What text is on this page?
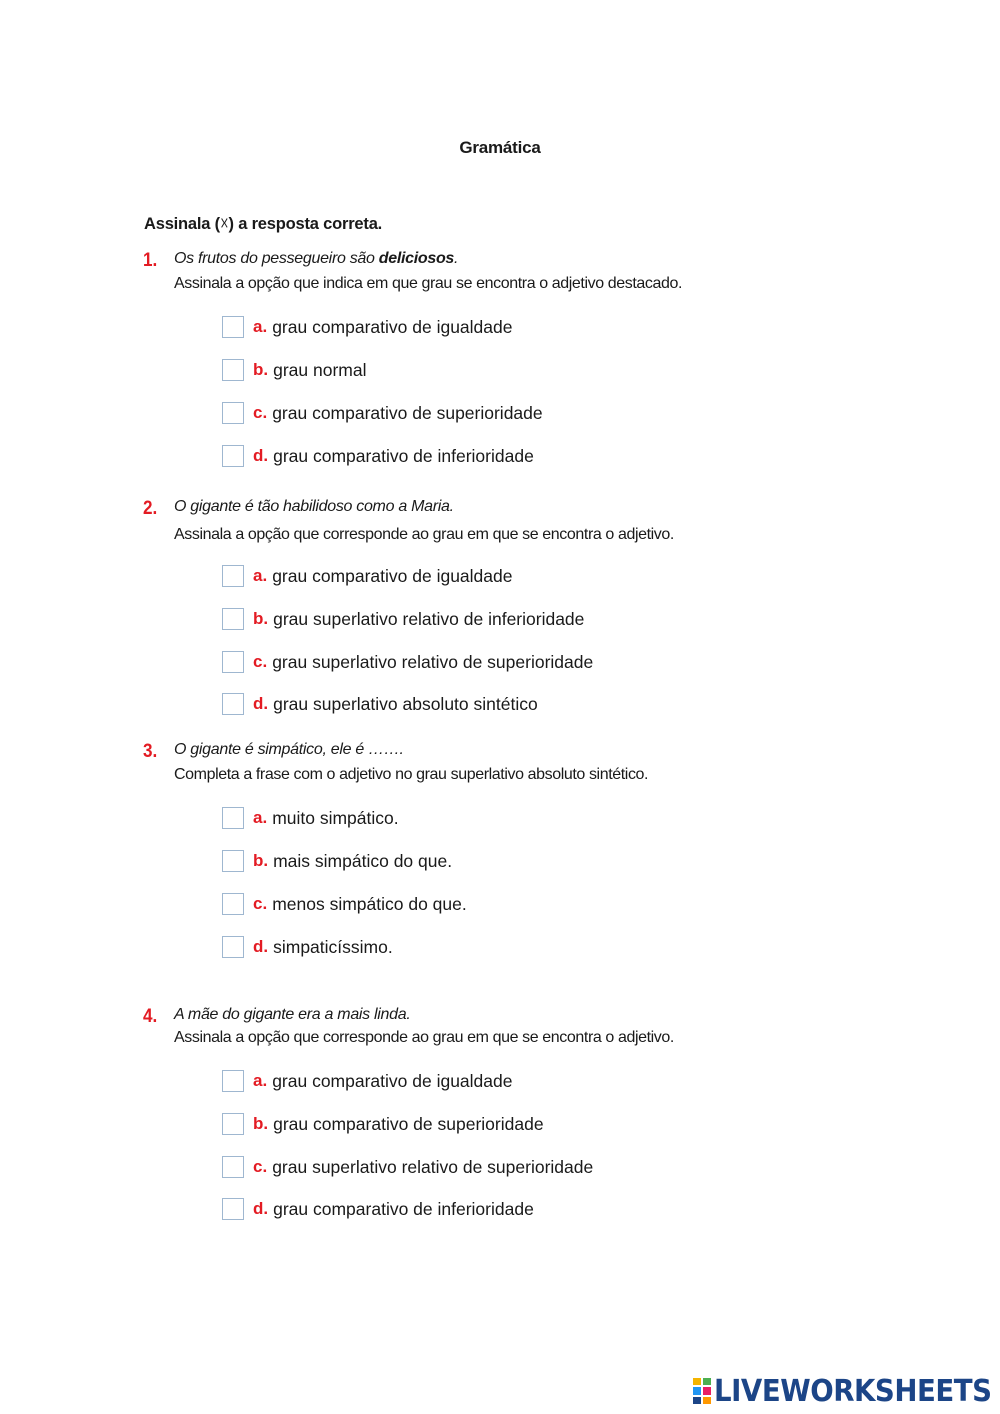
Gramática
Assinala (☓) a resposta correta.
1. Os frutos do pessegueiro são deliciosos.
Assinala a opção que indica em que grau se encontra o adjetivo destacado.
a. grau comparativo de igualdade
b. grau normal
c. grau comparativo de superioridade
d. grau comparativo de inferioridade
2. O gigante é tão habilidoso como a Maria.
Assinala a opção que corresponde ao grau em que se encontra o adjetivo.
a. grau comparativo de igualdade
b. grau superlativo relativo de inferioridade
c. grau superlativo relativo de superioridade
d. grau superlativo absoluto sintético
3. O gigante é simpático, ele é …….
Completa a frase com o adjetivo no grau superlativo absoluto sintético.
a. muito simpático.
b. mais simpático do que.
c. menos simpático do que.
d. simpaticíssimo.
4. A mãe do gigante era a mais linda.
Assinala a opção que corresponde ao grau em que se encontra o adjetivo.
a. grau comparativo de igualdade
b. grau comparativo de superioridade
c. grau superlativo relativo de superioridade
d. grau comparativo de inferioridade
LIVEWORKSHEETS
